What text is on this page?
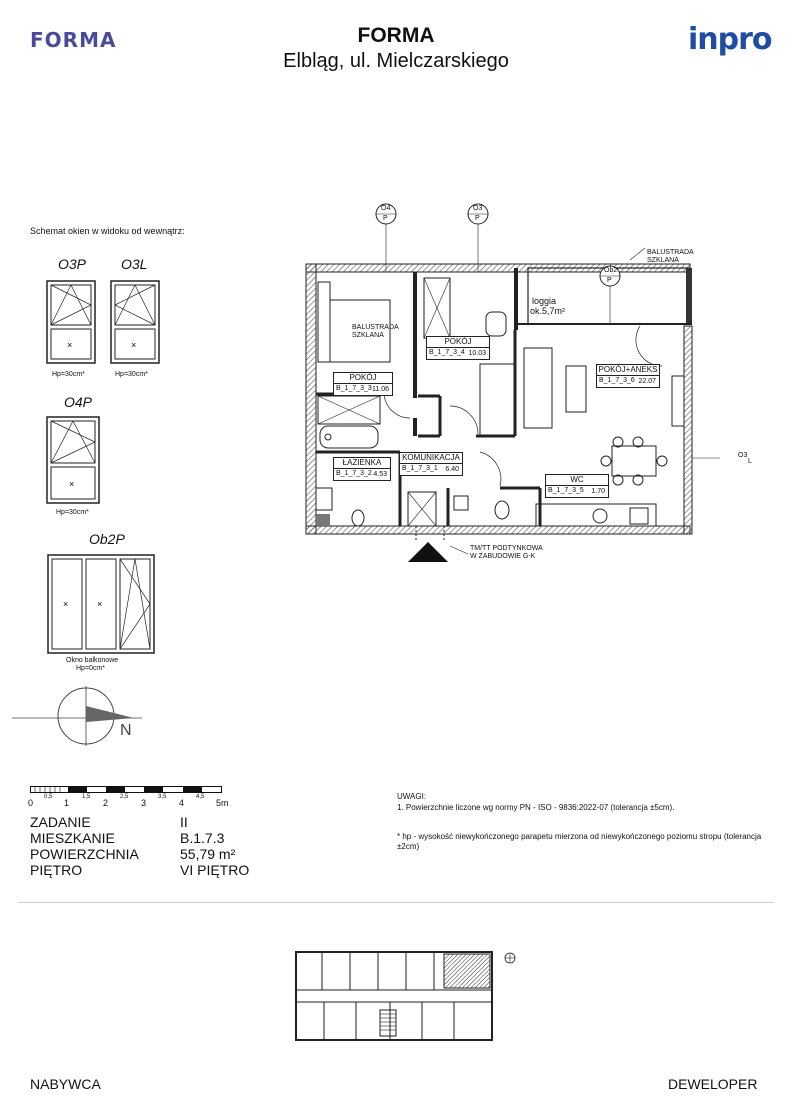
FORMA	FORMA
Elbląg, ul. Mielczarskiego
inpro
Schemat okien w widoku od wewnątrz:
O3P O3L
×	×
Hp=30cm*	Hp=30cm*
O4P
×
Hp=30cm*
Ob2P
×	×
Okno balkonowe
Hp=0cm*
N
0	1	2	3	4	5m
0,5	1,5	2,5	3,5	4,5
ZADANIE	II
MIESZKANIE	B.1.7.3
POWIERZCHNIA	55,79 m²
PIĘTRO	VI PIĘTRO
UWAGI:
1. Powierzchnie liczone wg normy PN - ISO - 9836:2022-07 (tolerancja ±5cm).
* hp - wysokość niewykończonego parapetu mierzona od niewykończonego poziomu stropu (tolerancja
±2cm)
O4
P
O3
P
Ob2
P
O3
L
BALUSTRADA
SZKLANA
BALUSTRADA
SZKLANA
loggia
ok.5,7m²
TM/TT PODTYNKOWA
W ZABUDOWIE G-K
POKÓJ
B_1_7_3_3 11.06
POKÓJ
B_1_7_3_4 10.03
POKÓJ+ANEKS
B_1_7_3_6 22.07
ŁAZIENKA
B_1_7_3_2 4.53
KOMUNIKACJA
B_1_7_3_1 6.40
WC
B_1_7_3_5 1.70
NABYWCA	DEWELOPER
